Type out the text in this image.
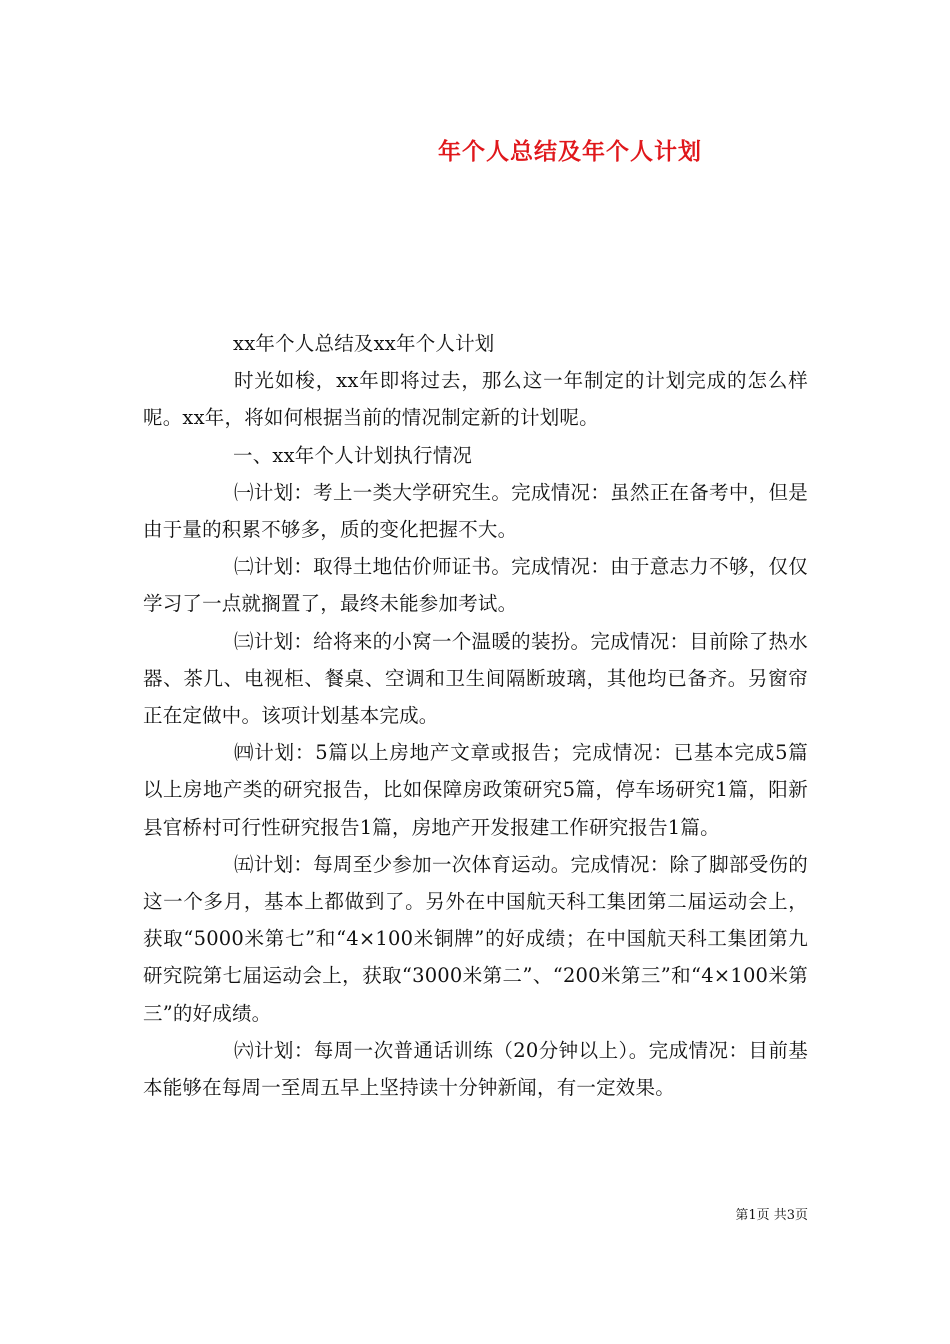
年个人总结及年个人计划

xx年个人总结及xx年个人计划

时光如梭，xx年即将过去，那么这一年制定的计划完成的怎么样呢。xx年，将如何根据当前的情况制定新的计划呢。

一、xx年个人计划执行情况

㈠计划：考上一类大学研究生。完成情况：虽然正在备考中，但是由于量的积累不够多，质的变化把握不大。

㈡计划：取得土地估价师证书。完成情况：由于意志力不够，仅仅学习了一点就搁置了，最终未能参加考试。

㈢计划：给将来的小窝一个温暖的装扮。完成情况：目前除了热水器、茶几、电视柜、餐桌、空调和卫生间隔断玻璃，其他均已备齐。另窗帘正在定做中。该项计划基本完成。

㈣计划：5篇以上房地产文章或报告；完成情况：已基本完成5篇以上房地产类的研究报告，比如保障房政策研究5篇，停车场研究1篇，阳新县官桥村可行性研究报告1篇，房地产开发报建工作研究报告1篇。

㈤计划：每周至少参加一次体育运动。完成情况：除了脚部受伤的这一个多月，基本上都做到了。另外在中国航天科工集团第二届运动会上，获取“5000米第七”和“4×100米铜牌”的好成绩；在中国航天科工集团第九研究院第七届运动会上，获取“3000米第二”、“200米第三”和“4×100米第三”的好成绩。

㈥计划：每周一次普通话训练（20分钟以上）。完成情况：目前基本能够在每周一至周五早上坚持读十分钟新闻，有一定效果。

第1页 共3页
